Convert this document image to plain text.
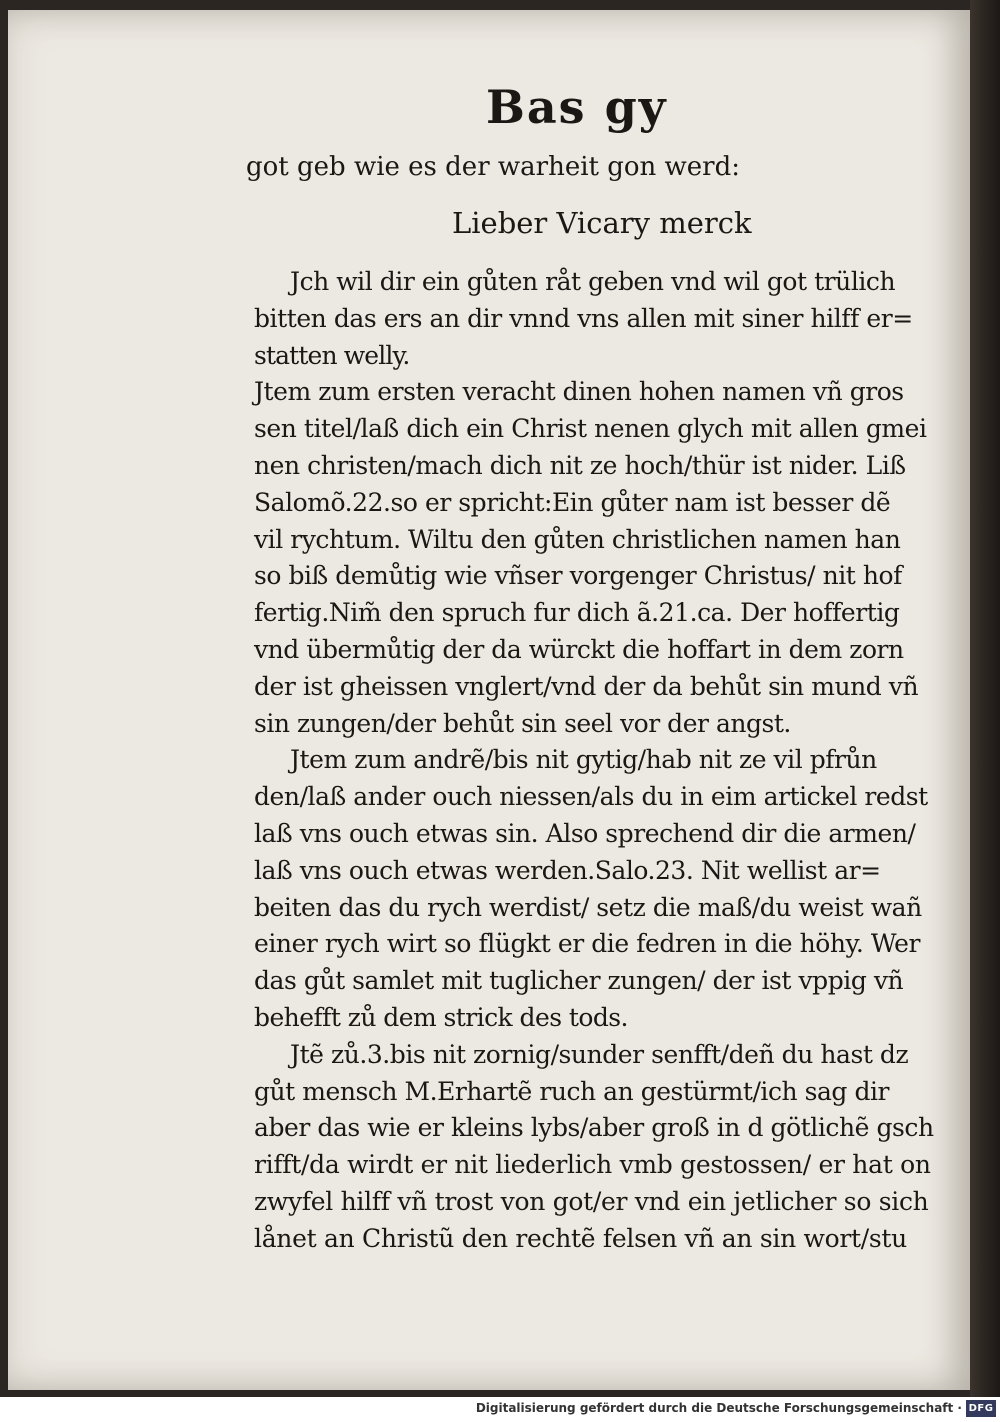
Bas gy
got geb wie es der warheit gon werd:
Lieber Vicary merck
Jch wil dir ein gůten råt geben vnd wil got trülich
bitten das ers an dir vnnd vns allen mit siner hilff er=
statten welly.
Jtem zum ersten veracht dinen hohen namen vñ gros
sen titel/laß dich ein Christ nenen glych mit allen gmei
nen christen/mach dich nit ze hoch/thür ist nider. Liß
Salomõ.22.so er spricht:Ein gůter nam ist besser dẽ
vil rychtum. Wiltu den gůten christlichen namen han
so biß demůtig wie vñser vorgenger Christus/ nit hof
fertig.Nim̃ den spruch fur dich ã.21.ca. Der hoffertig
vnd übermůtig der da würckt die hoffart in dem zorn
der ist gheissen vnglert/vnd der da behůt sin mund vñ
sin zungen/der behůt sin seel vor der angst.
Jtem zum andrẽ/bis nit gytig/hab nit ze vil pfrůn
den/laß ander ouch niessen/als du in eim artickel redst
laß vns ouch etwas sin. Also sprechend dir die armen/
laß vns ouch etwas werden.Salo.23. Nit wellist ar=
beiten das du rych werdist/ setz die maß/du weist wañ
einer rych wirt so flügkt er die fedren in die höhy. Wer
das gůt samlet mit tuglicher zungen/ der ist vppig vñ
behefft zů dem strick des tods.
Jtẽ zů.3.bis nit zornig/sunder senfft/deñ du hast dz
gůt mensch M.Erhartẽ ruch an gestürmt/ich sag dir
aber das wie er kleins lybs/aber groß in d götlichẽ gsch
rifft/da wirdt er nit liederlich vmb gestossen/ er hat on
zwyfel hilff vñ trost von got/er vnd ein jetlicher so sich
lånet an Christũ den rechtẽ felsen vñ an sin wort/stu
Digitalisierung gefördert durch die Deutsche Forschungsgemeinschaft · DFG
